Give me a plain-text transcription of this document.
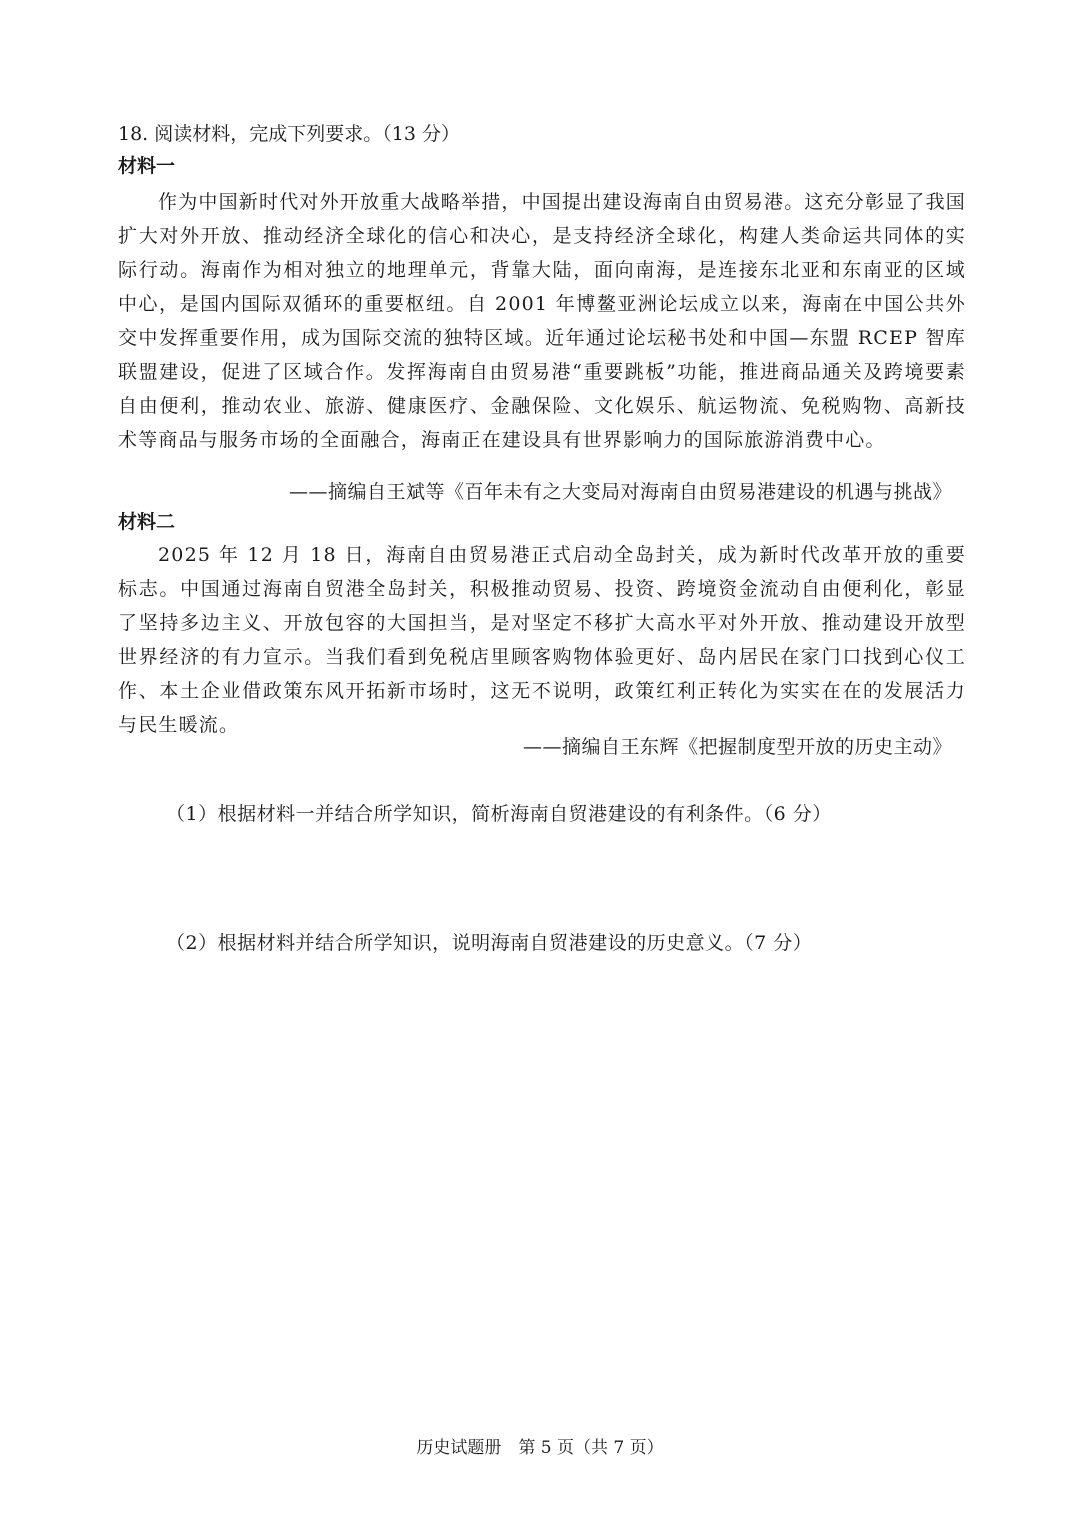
18. 阅读材料，完成下列要求。（13 分）
材料一

作为中国新时代对外开放重大战略举措，中国提出建设海南自由贸易港。这充分彰显了我国扩大对外开放、推动经济全球化的信心和决心，是支持经济全球化，构建人类命运共同体的实际行动。海南作为相对独立的地理单元，背靠大陆，面向南海，是连接东北亚和东南亚的区域中心，是国内国际双循环的重要枢纽。自 2001 年博鳌亚洲论坛成立以来，海南在中国公共外交中发挥重要作用，成为国际交流的独特区域。近年通过论坛秘书处和中国—东盟 RCEP 智库联盟建设，促进了区域合作。发挥海南自由贸易港“重要跳板”功能，推进商品通关及跨境要素自由便利，推动农业、旅游、健康医疗、金融保险、文化娱乐、航运物流、免税购物、高新技术等商品与服务市场的全面融合，海南正在建设具有世界影响力的国际旅游消费中心。

——摘编自王斌等《百年未有之大变局对海南自由贸易港建设的机遇与挑战》
材料二

2025 年 12 月 18 日，海南自由贸易港正式启动全岛封关，成为新时代改革开放的重要标志。中国通过海南自贸港全岛封关，积极推动贸易、投资、跨境资金流动自由便利化，彰显了坚持多边主义、开放包容的大国担当，是对坚定不移扩大高水平对外开放、推动建设开放型世界经济的有力宣示。当我们看到免税店里顾客购物体验更好、岛内居民在家门口找到心仪工作、本土企业借政策东风开拓新市场时，这无不说明，政策红利正转化为实实在在的发展活力与民生暖流。

——摘编自王东辉《把握制度型开放的历史主动》
（1）根据材料一并结合所学知识，简析海南自贸港建设的有利条件。（6 分）
（2）根据材料并结合所学知识，说明海南自贸港建设的历史意义。（7 分）
历史试题册　第 5 页（共 7 页）
